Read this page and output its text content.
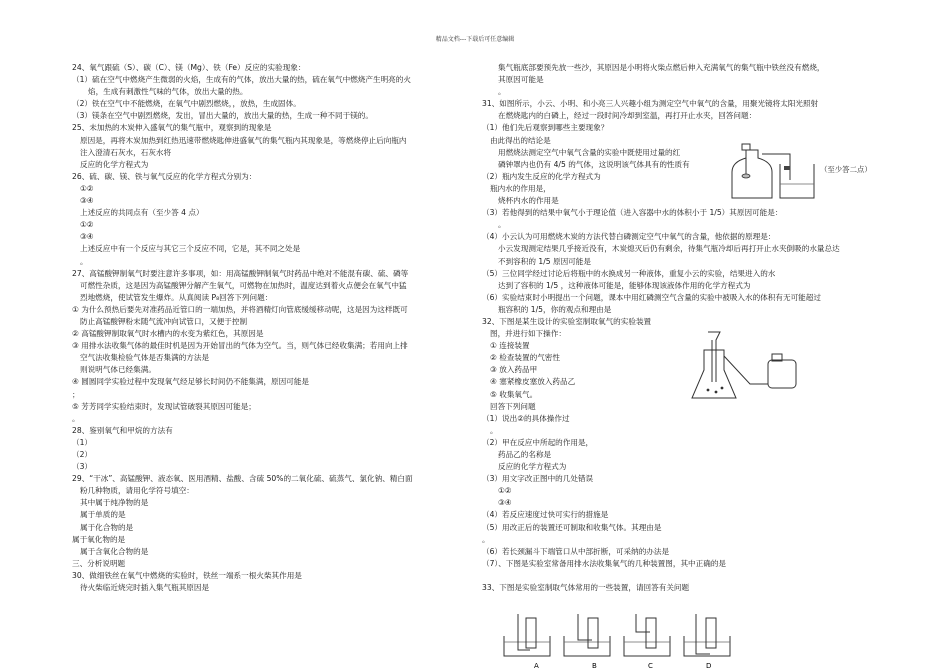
精品文档---下载后可任意编辑
24、氧气跟硫（S）、碳（C）、镁（Mg）、铁（Fe）反应的实验现象：
（1）硫在空气中燃烧产生微弱的火焰，生成有的气体，放出大量的热，硫在氧气中燃烧产生明亮的火
焰，生成有刺激性气味的气体，放出大量的热。
（2）铁在空气中不能燃烧，在氧气中剧烈燃烧，，放热，生成固体。
（3）镁条在空气中剧烈燃烧，发出，冒出大量的，放出大量的热，生成一种不同于镁的。
25、未加热的木炭伸入盛氧气的集气瓶中，观察到的现象是
原因是，再将木炭加热到红热迅速带燃烧匙伸进盛氧气的集气瓶内其现象是，等燃烧停止后向瓶内
注入澄清石灰水，石灰水将
反应的化学方程式为
26、硫、碳、镁、铁与氧气反应的化学方程式分别为：
①②
③④
上述反应的共同点有（至少答 4 点）
①②
③④
上述反应中有一个反应与其它三个反应不同，它是，其不同之处是
。
27、高锰酸钾制氧气时要注意许多事项，如：用高锰酸钾制氧气时药品中绝对不能混有碳、硫、磷等
可燃性杂质，这是因为高锰酸钾分解产生氧气，可燃物在加热时，温度达到着火点便会在氧气中猛
烈地燃烧，使试管发生爆炸。从真阅读 P₈回答下列问题：
① 为什么预热后要先对准药品近管口的一端加热，并将酒精灯向管底缓缓移动呢，这是因为这样既可
防止高锰酸钾粉末随气流冲向试管口，又便于控制
② 高锰酸钾制取氧气时水槽内的水变为紫红色，其原因是
③ 用排水法收集气体的最佳时机是因为开始冒出的气体为空气。当，则气体已经收集满；若用向上排
空气法收集检验气体是否集满的方法是
则说明气体已经集满。
④ 圆圆同学实验过程中发现氧气经足够长时间仍不能集满，原因可能是
；
⑤ 芳芳同学实验结束时，发现试管破裂其原因可能是；
。
28、鉴别氧气和甲烷的方法有
（1）
（2）
（3）
29、“干冰”、高锰酸钾、液态氧、医用酒精、盐酸、含硫 50%的二氧化硫、硫蒸气、氯化钠、精白面
粉几种物质，请用化学符号填空：
其中属于纯净物的是
属于单质的是
属于化合物的是
属于氧化物的是
属于含氧化合物的是
三、分析说明题
30、做细铁丝在氧气中燃烧的实验时，铁丝一端系一根火柴其作用是
待火柴临近烧完时插入集气瓶其原因是
集气瓶底部要预先放一些沙，其原因是小明将火柴点燃后伸入充满氧气的集气瓶中铁丝没有燃烧，
其原因可能是
。
31、如图所示，小云、小明、和小亮三人兴趣小组为测定空气中氧气的含量，用聚光镜将太阳光照射
在燃烧匙内的白磷上，经过一段时间冷却到室温，再打开止水夹，回答问题：
（1）他们先后观察到哪些主要现象？
由此得出的结论是
用燃烧法测定空气中氧气含量的实验中既使用过量的红
磷钟罩内也仍有 4/5 的气体，这说明该气体具有的性质有
（2）瓶内发生反应的化学方程式为
瓶内水的作用是，
烧杯内水的作用是
（3）若他得到的结果中氧气小于理论值（进入容器中水的体积小于 1/5）其原因可能是：
。
（4）小云认为可用燃烧木炭的方法代替白磷测定空气中氧气的含量，他依据的原理是：
小云发现测定结果几乎接近没有，木炭熄灭后仍有剩余，待集气瓶冷却后再打开止水夹倒吸的水量总达
不到容积的 1/5 原因可能是
（5）三位同学经过讨论后将瓶中的水换成另一种液体，重复小云的实验，结果进入的水
达到了容积的 1/5 ，这种液体可能是，能够体现该液体作用的化学方程式为
（6）实验结束时小明提出一个问题，课本中用红磷测空气含量的实验中被吸入水的体积有无可能超过
瓶容积的 1/5，你的观点和理由是
32、下图是某生设计的实验室制取氧气的实验装置
图，并进行如下操作：
① 连接装置
② 检查装置的气密性
③ 放入药品甲
④ 塞紧橡皮塞放入药品乙
⑤ 收集氧气。
回答下列问题
（1）说出②的具体操作过
。
（2）甲在反应中所起的作用是，
药品乙的名称是
反应的化学方程式为
（3）用文字改正图中的几处错误
①②
③④
（4）若反应速度过快可实行的措施是
（5）用改正后的装置还可制取和收集气体。其理由是
。
（6）若长颈漏斗下端管口从中部折断，可采纳的办法是
（7）、下图是实验室常备用排水法收集氧气的几种装置图，其中正确的是
33、下图是实验室制取气体常用的一些装置，请回答有关问题
（至少答二点）
A	B	C	D
